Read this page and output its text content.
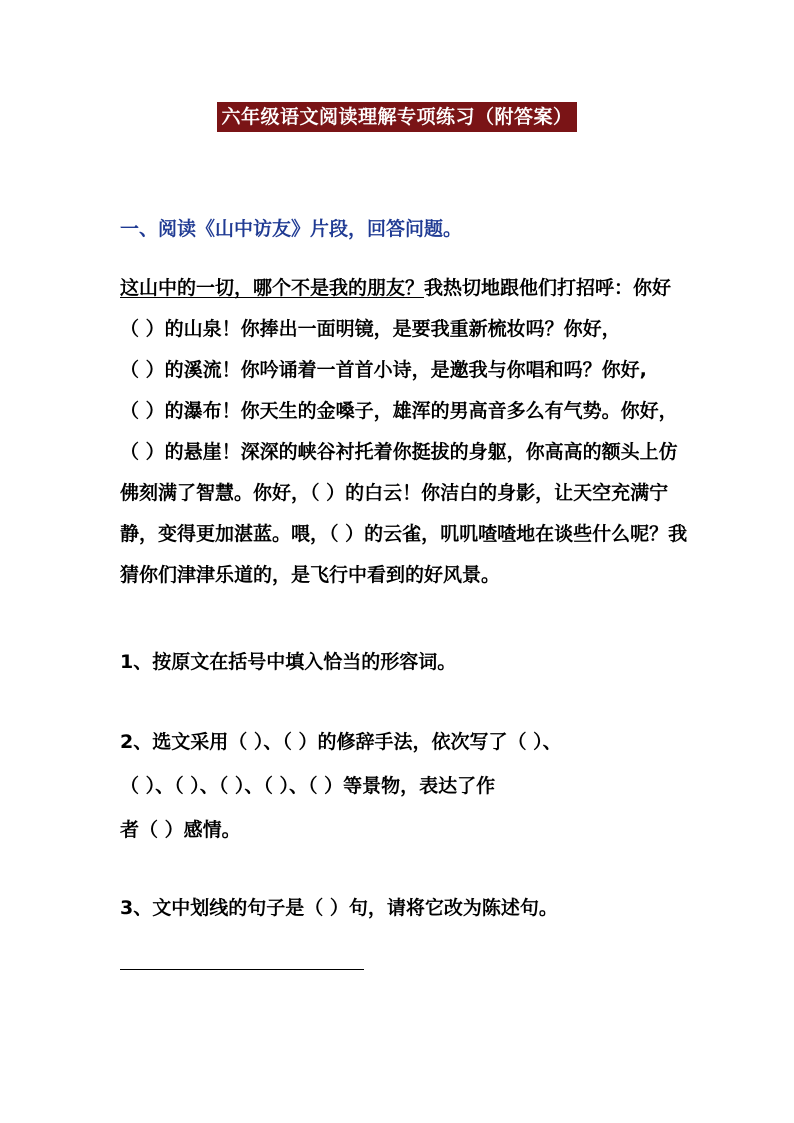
六年级语文阅读理解专项练习（附答案）
一、阅读《山中访友》片段，回答问题。
这山中的一切，哪个不是我的朋友？我热切地跟他们打招呼：你好
（ ）的山泉！你捧出一面明镜，是要我重新梳妆吗？你好，
（ ）的溪流！你吟诵着一首首小诗，是邀我与你唱和吗？你好,
（ ）的瀑布！你天生的金嗓子，雄浑的男高音多么有气势。你好，
（ ）的悬崖！深深的峡谷衬托着你挺拔的身躯，你高高的额头上仿
佛刻满了智慧。你好，（ ）的白云！你洁白的身影，让天空充满宁
静，变得更加湛蓝。喂，（ ）的云雀，叽叽喳喳地在谈些什么呢？我
猜你们津津乐道的，是飞行中看到的好风景。
1、按原文在括号中填入恰当的形容词。
2、选文采用（ ）、（ ）的修辞手法，依次写了（ ）、
（ ）、（ ）、（ ）、（ ）、（ ）等景物，表达了作
者（ ）感情。
3、文中划线的句子是（ ）句，请将它改为陈述句。
